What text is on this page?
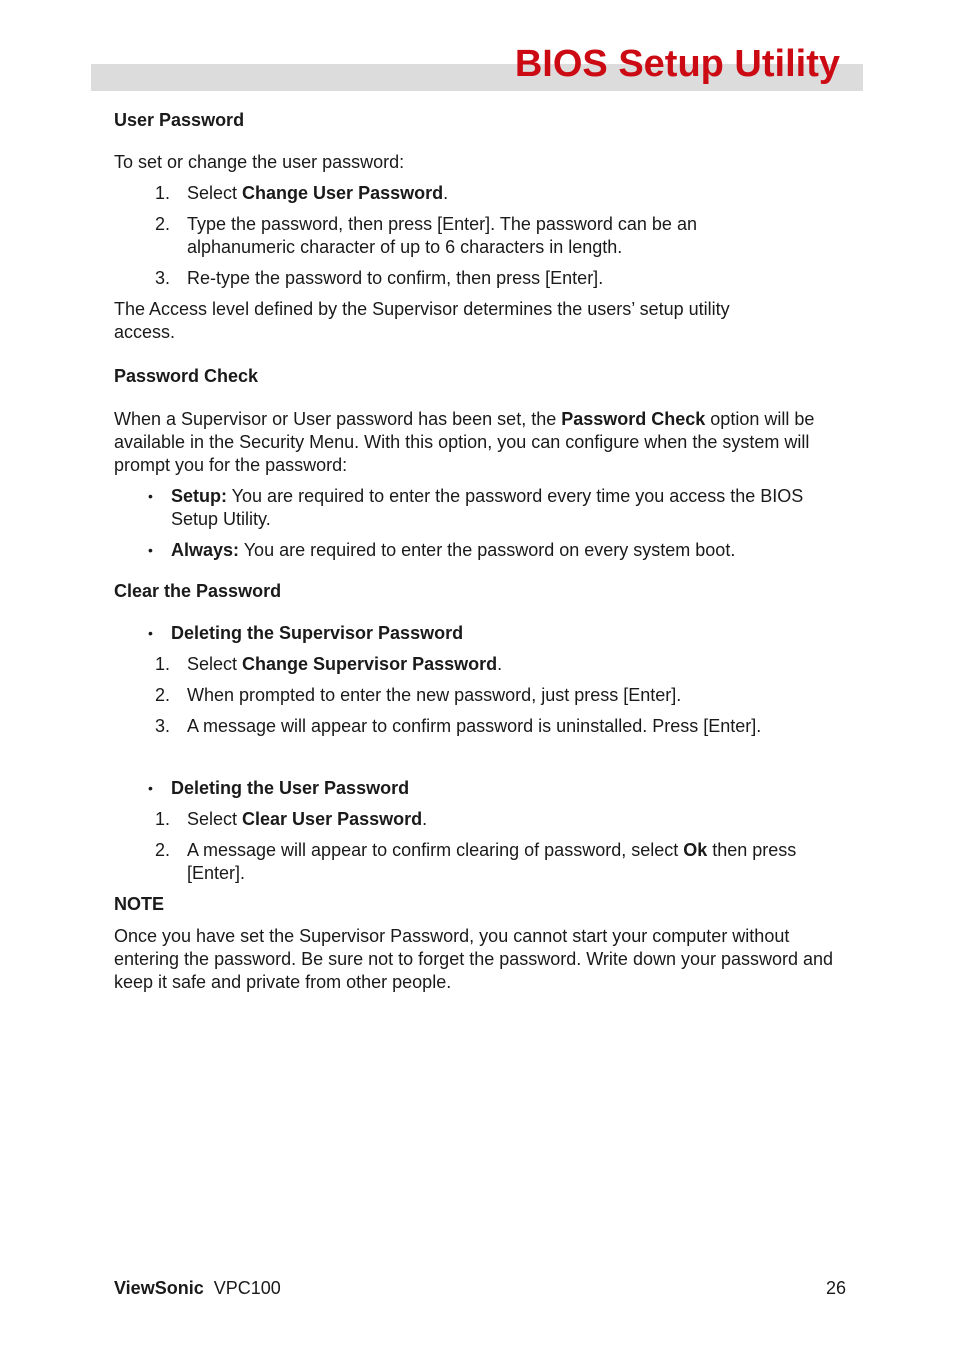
BIOS Setup Utility
User Password
To set or change the user password:
1. Select Change User Password.
2. Type the password, then press [Enter]. The password can be an alphanumeric character of up to 6 characters in length.
3. Re-type the password to confirm, then press [Enter].
The Access level defined by the Supervisor determines the users’ setup utility access.
Password Check
When a Supervisor or User password has been set, the Password Check option will be available in the Security Menu. With this option, you can configure when the system will prompt you for the password:
• Setup: You are required to enter the password every time you access the BIOS Setup Utility.
• Always: You are required to enter the password on every system boot.
Clear the Password
• Deleting the Supervisor Password
1. Select Change Supervisor Password.
2. When prompted to enter the new password, just press [Enter].
3. A message will appear to confirm password is uninstalled. Press [Enter].
• Deleting the User Password
1. Select Clear User Password.
2. A message will appear to confirm clearing of password, select Ok then press [Enter].
NOTE
Once you have set the Supervisor Password, you cannot start your computer without entering the password. Be sure not to forget the password. Write down your password and keep it safe and private from other people.
ViewSonic VPC100	26
